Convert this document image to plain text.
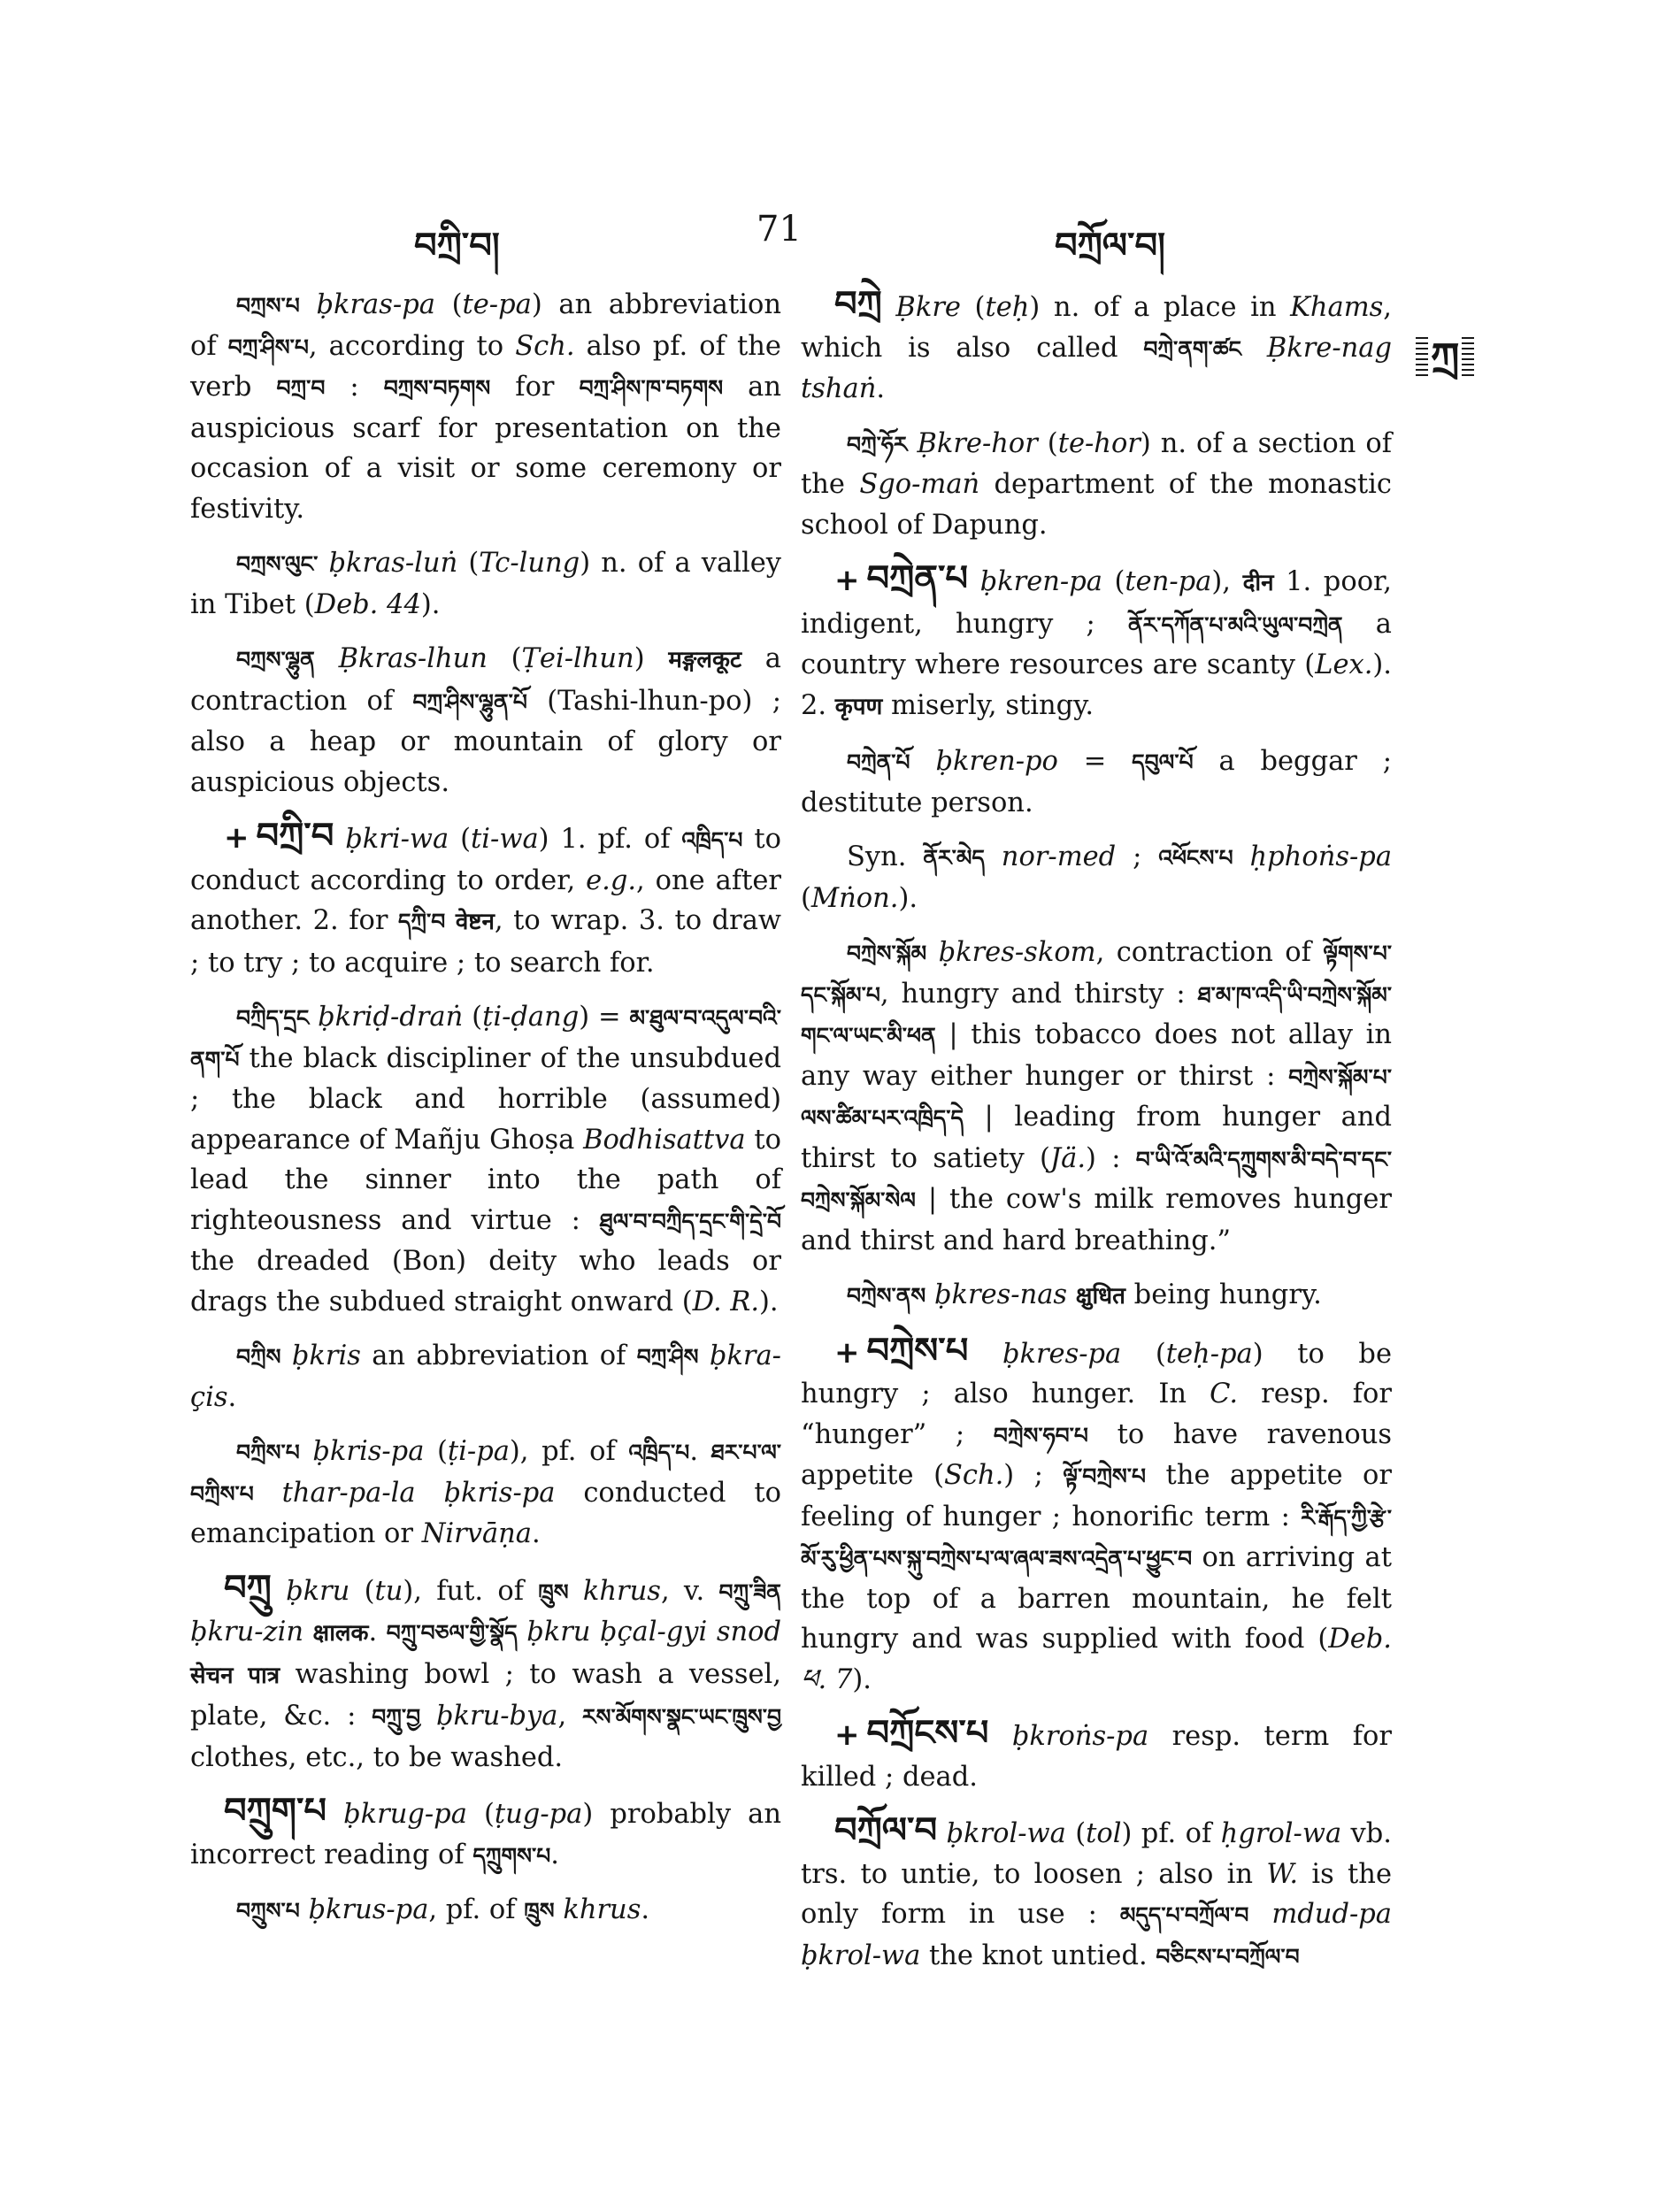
བཀྲི་བ།	71	བཀྲོལ་བ།
ཀྲ

བཀྲས་པ ḅkras-pa (te-pa) an abbreviation of བཀྲ་ཤིས་པ, according to Sch. also pf. of the verb བཀྲ་བ : བཀྲས་བཏགས for བཀྲ་ཤིས་ཁ་བཏགས an auspicious scarf for presentation on the occasion of a visit or some ceremony or festivity.

བཀྲས་ལུང་ ḅkras-luṅ (Tc-lung) n. of a valley in Tibet (Deb. 44).

བཀྲས་ལྷུན Ḅkras-lhun (Ṭei-lhun) मङ्गलकूट a contraction of བཀྲ་ཤིས་ལྷུན་པོ (Tashi-lhun-po) ; also a heap or mountain of glory or auspicious objects.

+ བཀྲི་བ ḅkri-wa (ti-wa) 1. pf. of འཁྲིད་པ to conduct according to order, e.g., one after another. 2. for དཀྲི་བ वेष्टन, to wrap. 3. to draw ; to try ; to acquire ; to search for.

བཀྲིད་དྲང ḅkriḍ-draṅ (ṭi-ḍang) = མ་ཐུལ་བ་འདུལ་བའི་ནག་པོ the black discipliner of the unsubdued ; the black and horrible (assumed) appearance of Mañju Ghoṣa Bodhisattva to lead the sinner into the path of righteousness and virtue : ཐུལ་བ་བཀྲིད་དྲང་གི་དྲེ་བོ the dreaded (Bon) deity who leads or drags the subdued straight onward (D. R.).

བཀྲིས ḅkris an abbreviation of བཀྲ་ཤིས ḅkra-çis.

བཀྲིས་པ ḅkris-pa (ṭi-pa), pf. of འཁྲིད་པ. ཐར་པ་ལ་བཀྲིས་པ thar-pa-la ḅkris-pa conducted to emancipation or Nirvāṇa.

བཀྲུ ḅkru (tu), fut. of ཁྲུས khrus, v. བཀྲུ་ཟིན ḅkru-zin क्षालक. བཀྲུ་བཅལ་གྱི་སྣོད ḅkru ḅçal-gyi snod सेचन पात्र washing bowl ; to wash a vessel, plate, &c. : བཀྲུ་བྱ ḅkru-bya, རས་མོགས་སྣང་ཡང་ཁྲུས་བྱ clothes, etc., to be washed.

བཀྲུག་པ ḅkrug-pa (ṭug-pa) probably an incorrect reading of དཀྲུགས་པ.

བཀྲུས་པ ḅkrus-pa, pf. of ཁྲུས khrus.

བཀྲེ Ḅkre (teḥ) n. of a place in Khams, which is also called བཀྲེ་ནག་ཚང Ḅkre-nag tshaṅ.

བཀྲེ་ཧོར Ḅkre-hor (te-hor) n. of a section of the Sgo-maṅ department of the monastic school of Dapung.

+ བཀྲེན་པ ḅkren-pa (ten-pa), दीन 1. poor, indigent, hungry ; ནོར་དཀོན་པ་མའི་ཡུལ་བཀྲེན a country where resources are scanty (Lex.). 2. कृपण miserly, stingy.

བཀྲེན་པོ ḅkren-po = དབུལ་པོ a beggar ; destitute person.

Syn. ནོར་མེད nor-med ; འཕོངས་པ ḥphoṅs-pa (Mṅon.).

བཀྲེས་སྐོམ ḅkres-skom, contraction of ལྟོགས་པ་དང་སྐོམ་པ, hungry and thirsty : ཐ་མ་ཁ་འདི་ཡི་བཀྲེས་སྐོམ་གང་ལ་ཡང་མི་ཕན | this tobacco does not allay in any way either hunger or thirst : བཀྲེས་སྐོམ་པ་ལས་ཚིམ་པར་འཁྲིད་དེ | leading from hunger and thirst to satiety (Jä.) : བ་ཡི་འོ་མའི་དཀྲུགས་མི་བདེ་བ་དང་བཀྲེས་སྐོམ་སེལ | the cow's milk removes hunger and thirst and hard breathing.”

བཀྲེས་ནས ḅkres-nas क्षुधित being hungry.

+ བཀྲེས་པ ḅkres-pa (teḥ-pa) to be hungry ; also hunger. In C. resp. for “hunger” ; བཀྲེས་ཧབ་པ to have ravenous appetite (Sch.) ; ལྟོ་བཀྲེས་པ the appetite or feeling of hunger ; honorific term : རི་རྒོད་ཀྱི་རྩེ་མོ་རུ་ཕྱིན་པས་སྐུ་བཀྲེས་པ་ལ་ཞལ་ཟས་འདྲེན་པ་ཕྱུང་བ on arriving at the top of a barren mountain, he felt hungry and was supplied with food (Deb. ཕ. 7).

+ བཀྲོངས་པ ḅkroṅs-pa resp. term for killed ; dead.

བཀྲོལ་བ ḅkrol-wa (tol) pf. of ḥgrol-wa vb. trs. to untie, to loosen ; also in W. is the only form in use : མདུད་པ་བཀྲོལ་བ mdud-pa ḅkrol-wa the knot untied. བཅིངས་པ་བཀྲོལ་བ
